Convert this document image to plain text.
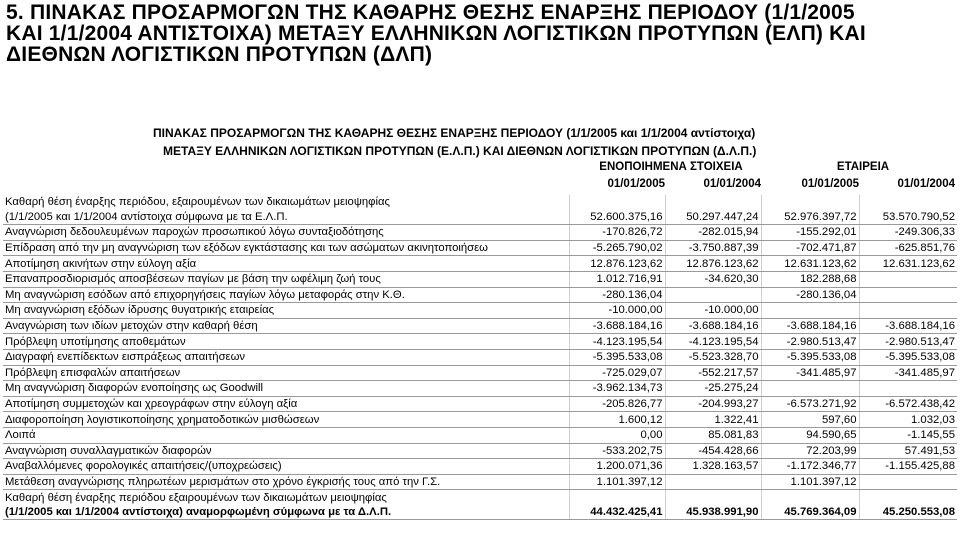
5. ΠΙΝΑΚΑΣ ΠΡΟΣΑΡΜΟΓΩΝ ΤΗΣ ΚΑΘΑΡΗΣ ΘΕΣΗΣ ΕΝΑΡΞΗΣ ΠΕΡΙΟΔΟΥ (1/1/2005
ΚΑΙ 1/1/2004 ΑΝΤΙΣΤΟΙΧΑ) ΜΕΤΑΞΥ ΕΛΛΗΝΙΚΩΝ ΛΟΓΙΣΤΙΚΩΝ ΠΡΟΤΥΠΩΝ (ΕΛΠ) ΚΑΙ
ΔΙΕΘΝΩΝ ΛΟΓΙΣΤΙΚΩΝ ΠΡΟΤΥΠΩΝ (ΔΛΠ)
ΠΙΝΑΚΑΣ ΠΡΟΣΑΡΜΟΓΩΝ ΤΗΣ ΚΑΘΑΡΗΣ ΘΕΣΗΣ ΕΝΑΡΞΗΣ ΠΕΡΙΟΔΟΥ (1/1/2005 και 1/1/2004 αντίστοιχα)
ΜΕΤΑΞΥ ΕΛΛΗΝΙΚΩΝ ΛΟΓΙΣΤΙΚΩΝ ΠΡΟΤΥΠΩΝ (Ε.Λ.Π.) ΚΑΙ ΔΙΕΘΝΩΝ ΛΟΓΙΣΤΙΚΩΝ ΠΡΟΤΥΠΩΝ (Δ.Λ.Π.)
ΕΝΟΠΟΙΗΜΕΝΑ ΣΤΟΙΧΕΙΑ	ΕΤΑΙΡΕΙΑ
01/01/2005	01/01/2004	01/01/2005	01/01/2004
Καθαρή θέση έναρξης περιόδου, εξαιρουμένων των δικαιωμάτων μειοψηφίας				
(1/1/2005 και 1/1/2004 αντίστοιχα σύμφωνα με τα Ε.Λ.Π.	52.600.375,16	50.297.447,24	52.976.397,72	53.570.790,52
Αναγνώριση δεδουλευμένων παροχών προσωπικού λόγω συνταξιοδότησης	-170.826,72	-282.015,94	-155.292,01	-249.306,33
Επίδραση από την μη αναγνώριση των εξόδων εγκτάστασης και των ασώματων ακινητοποιήσεω	-5.265.790,02	-3.750.887,39	-702.471,87	-625.851,76
Αποτίμηση ακινήτων στην εύλογη αξία	12.876.123,62	12.876.123,62	12.631.123,62	12.631.123,62
Επαναπροσδιορισμός αποσβέσεων παγίων με βάση την ωφέλιμη ζωή τους	1.012.716,91	-34.620,30	182.288,68	
Μη αναγνώριση εσόδων από επιχορηγήσεις παγίων λόγω μεταφοράς στην Κ.Θ.	-280.136,04		-280.136,04	
Μη αναγνώριση εξόδων ίδρυσης θυγατρικής εταιρείας	-10.000,00	-10.000,00		
Αναγνώριση των ιδίων μετοχών στην καθαρή θέση	-3.688.184,16	-3.688.184,16	-3.688.184,16	-3.688.184,16
Πρόβλεψη υποτίμησης αποθεμάτων	-4.123.195,54	-4.123.195,54	-2.980.513,47	-2.980.513,47
Διαγραφή ενεπίδεκτων εισπράξεως απαιτήσεων	-5.395.533,08	-5.523.328,70	-5.395.533,08	-5.395.533,08
Πρόβλεψη επισφαλών απαιτήσεων	-725.029,07	-552.217,57	-341.485,97	-341.485,97
Μη αναγνώριση διαφορών ενοποίησης ως Goodwill	-3.962.134,73	-25.275,24		
Αποτίμηση συμμετοχών και χρεογράφων στην εύλογη αξία	-205.826,77	-204.993,27	-6.573.271,92	-6.572.438,42
Διαφοροποίηση λογιστικοποίησης χρηματοδοτικών μισθώσεων	1.600,12	1.322,41	597,60	1.032,03
Λοιπά	0,00	85.081,83	94.590,65	-1.145,55
Αναγνώριση συναλλαγματικών διαφορών	-533.202,75	-454.428,66	72.203,99	57.491,53
Αναβαλλόμενες φορολογικές απαιτήσεις/(υποχρεώσεις)	1.200.071,36	1.328.163,57	-1.172.346,77	-1.155.425,88
Μετάθεση αναγνώρισης πληρωτέων μερισμάτων στο χρόνο έγκρισής τους από την Γ.Σ.	1.101.397,12		1.101.397,12	
Καθαρή θέση έναρξης περιόδου εξαιρουμένων των δικαιωμάτων μειοψηφίας				
(1/1/2005 και 1/1/2004 αντίστοιχα) αναμορφωμένη σύμφωνα με τα Δ.Λ.Π.	44.432.425,41	45.938.991,90	45.769.364,09	45.250.553,08
